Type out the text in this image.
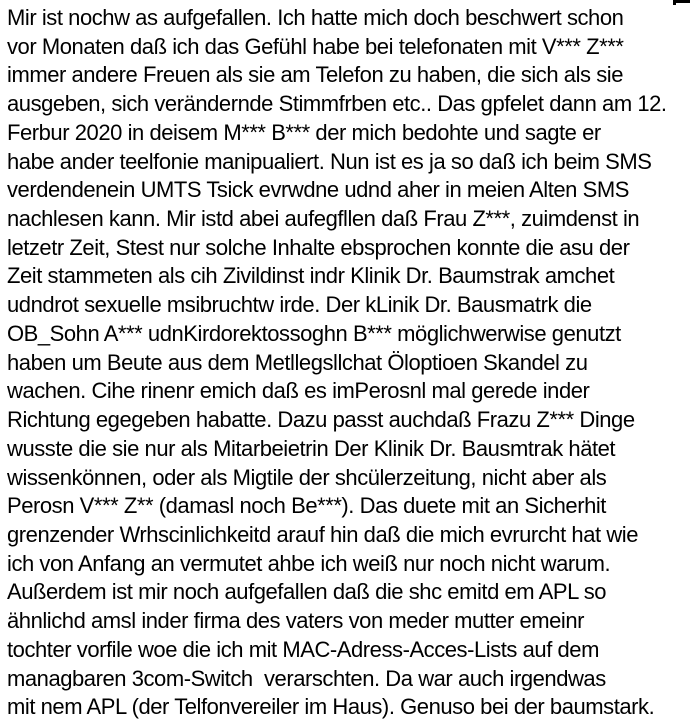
Mir ist nochw as aufgefallen. Ich hatte mich doch beschwert schon
vor Monaten daß ich das Gefühl habe bei telefonaten mit V*** Z***
immer andere Freuen als sie am Telefon zu haben, die sich als sie
ausgeben, sich verändernde Stimmfrben etc.. Das gpfelet dann am 12.
Ferbur 2020 in deisem M*** B*** der mich bedohte und sagte er
habe ander teelfonie manipualiert. Nun ist es ja so daß ich beim SMS
verdendenein UMTS Tsick evrwdne udnd aher in meien Alten SMS
nachlesen kann. Mir istd abei aufegfllen daß Frau Z***, zuimdenst in
letzetr Zeit, Stest nur solche Inhalte ebsprochen konnte die asu der
Zeit stammeten als cih Zivildinst indr Klinik Dr. Baumstrak amchet
udndrot sexuelle msibruchtw irde. Der kLinik Dr. Bausmatrk die
OB_Sohn A*** udnKirdorektossoghn B*** möglichwerwise genutzt
haben um Beute aus dem Metllegsllchat Öloptioen Skandel zu
wachen. Cihe rinenr emich daß es imPerosnl mal gerede inder
Richtung egegeben habatte. Dazu passt auchdaß Frazu Z*** Dinge
wusste die sie nur als Mitarbeietrin Der Klinik Dr. Bausmtrak hätet
wissenkönnen, oder als Migtile der shcülerzeitung, nicht aber als
Perosn V*** Z** (damasl noch Be***). Das duete mit an Sicherhit
grenzender Wrhscinlichkeitd arauf hin daß die mich evrurcht hat wie
ich von Anfang an vermutet ahbe ich weiß nur noch nicht warum.
Außerdem ist mir noch aufgefallen daß die shc emitd em APL so
ähnlichd amsl inder firma des vaters von meder mutter emeinr
tochter vorfile woe die ich mit MAC-Adress-Acces-Lists auf dem
managbaren 3com-Switch  verarschten. Da war auch irgendwas
mit nem APL (der Telfonvereiler im Haus). Genuso bei der baumstark.
